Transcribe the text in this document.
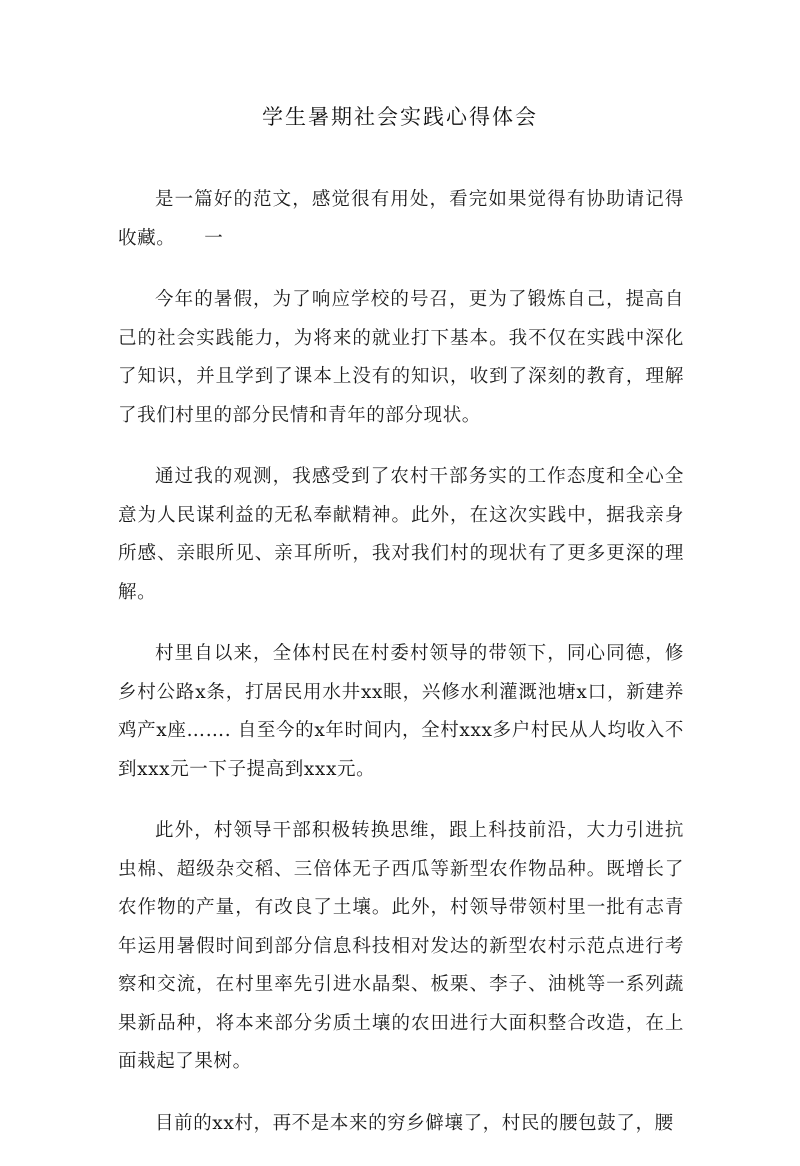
学生暑期社会实践心得体会

是一篇好的范文，感觉很有用处，看完如果觉得有协助请记得收藏。　　一

今年的暑假，为了响应学校的号召，更为了锻炼自己，提高自己的社会实践能力，为将来的就业打下基本。我不仅在实践中深化了知识，并且学到了课本上没有的知识，收到了深刻的教育，理解了我们村里的部分民情和青年的部分现状。

通过我的观测，我感受到了农村干部务实的工作态度和全心全意为人民谋利益的无私奉献精神。此外，在这次实践中，据我亲身所感、亲眼所见、亲耳所听，我对我们村的现状有了更多更深的理解。

村里自以来，全体村民在村委村领导的带领下，同心同德，修乡村公路x条，打居民用水井xx眼，兴修水利灌溉池塘x口，新建养鸡产x座……. 自至今的x年时间内，全村xxx多户村民从人均收入不到xxx元一下子提高到xxx元。

此外，村领导干部积极转换思维，跟上科技前沿，大力引进抗虫棉、超级杂交稻、三倍体无子西瓜等新型农作物品种。既增长了农作物的产量，有改良了土壤。此外，村领导带领村里一批有志青年运用暑假时间到部分信息科技相对发达的新型农村示范点进行考察和交流，在村里率先引进水晶梨、板栗、李子、油桃等一系列蔬果新品种，将本来部分劣质土壤的农田进行大面积整合改造，在上面栽起了果树。

目前的xx村，再不是本来的穷乡僻壤了，村民的腰包鼓了，腰
